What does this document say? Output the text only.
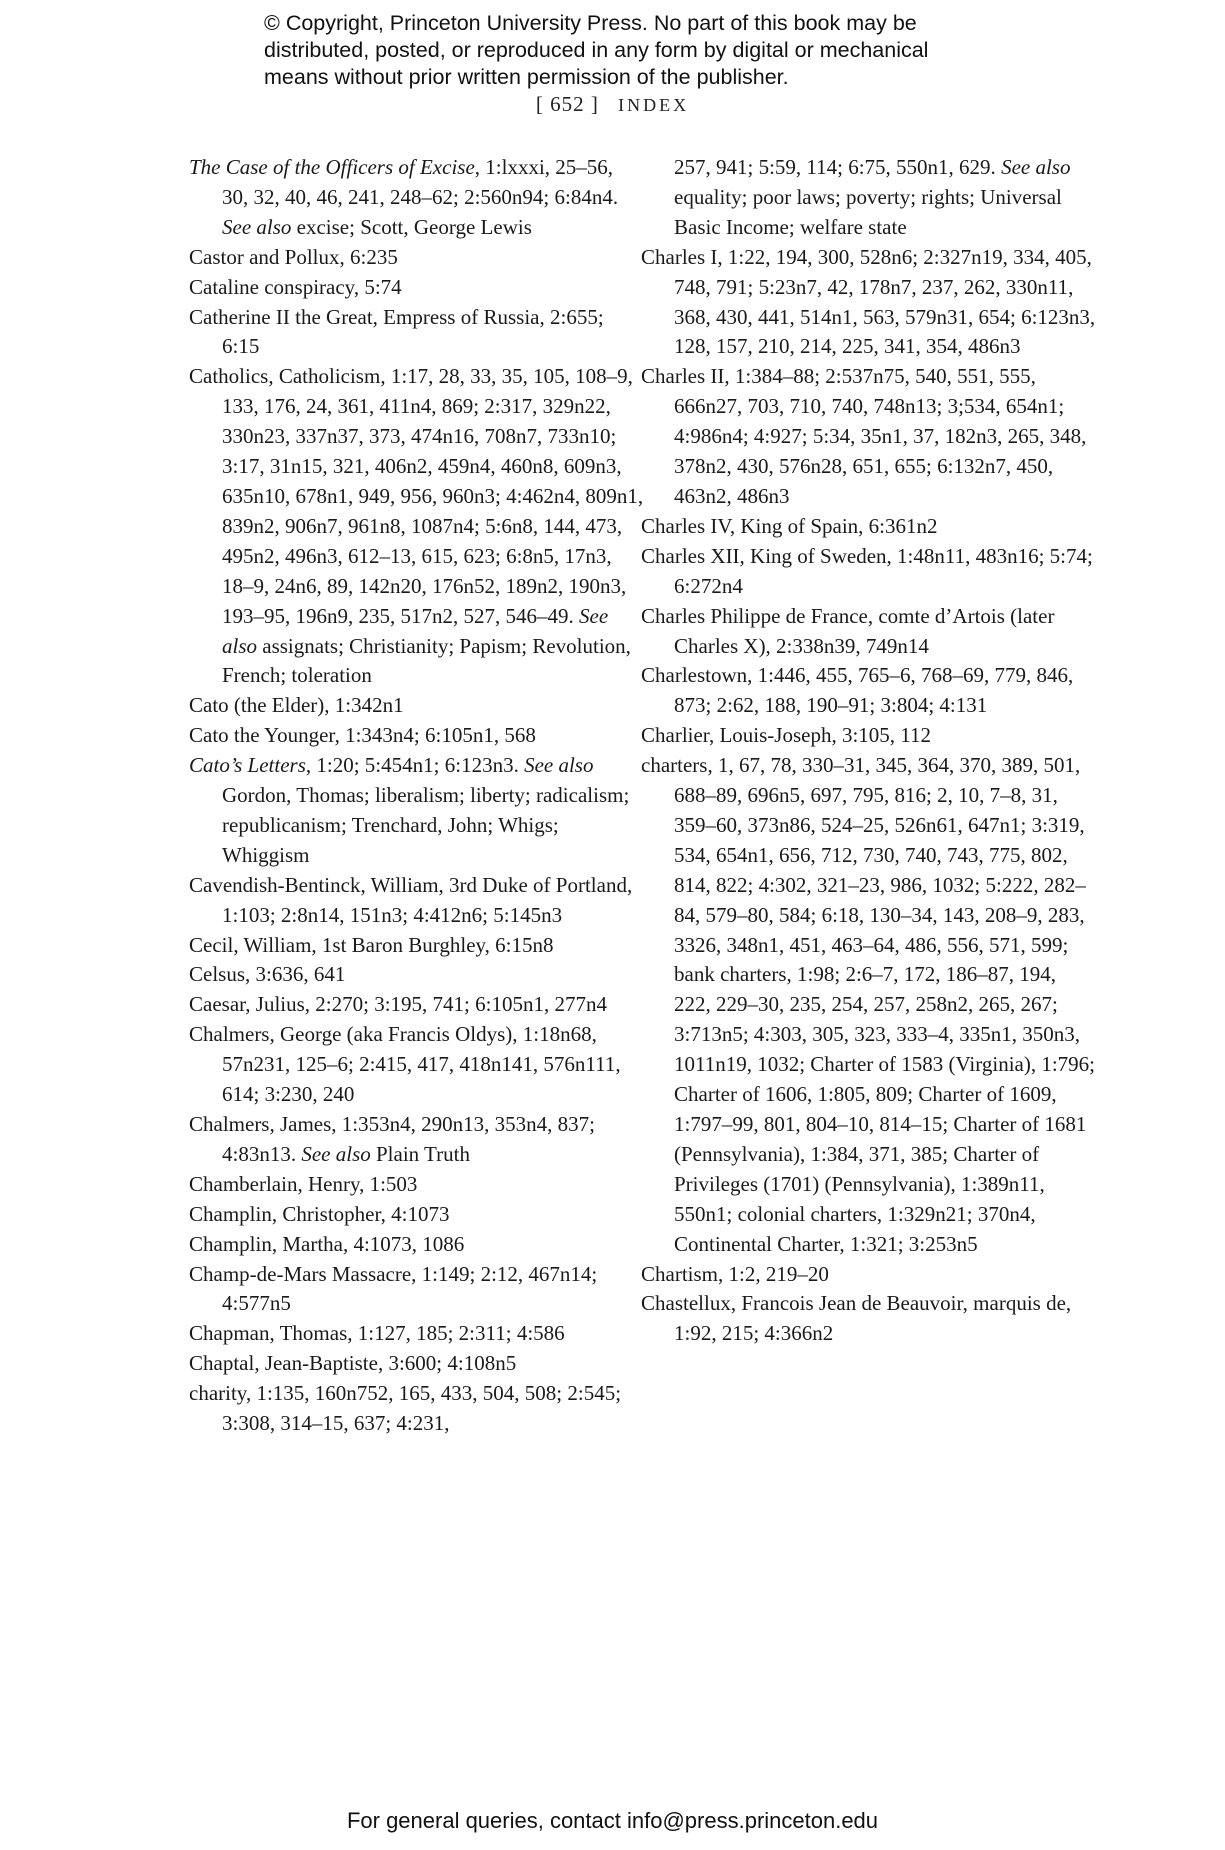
© Copyright, Princeton University Press. No part of this book may be
distributed, posted, or reproduced in any form by digital or mechanical
means without prior written permission of the publisher.
[ 652 ] INDEX
The Case of the Officers of Excise, 1:lxxxi, 25–56, 30, 32, 40, 46, 241, 248–62; 2:560n94; 6:84n4. See also excise; Scott, George Lewis
Castor and Pollux, 6:235
Cataline conspiracy, 5:74
Catherine II the Great, Empress of Russia, 2:655; 6:15
Catholics, Catholicism, 1:17, 28, 33, 35, 105, 108–9, 133, 176, 24, 361, 411n4, 869; 2:317, 329n22, 330n23, 337n37, 373, 474n16, 708n7, 733n10; 3:17, 31n15, 321, 406n2, 459n4, 460n8, 609n3, 635n10, 678n1, 949, 956, 960n3; 4:462n4, 809n1, 839n2, 906n7, 961n8, 1087n4; 5:6n8, 144, 473, 495n2, 496n3, 612–13, 615, 623; 6:8n5, 17n3, 18–9, 24n6, 89, 142n20, 176n52, 189n2, 190n3, 193–95, 196n9, 235, 517n2, 527, 546–49. See also assignats; Christianity; Papism; Revolution, French; toleration
Cato (the Elder), 1:342n1
Cato the Younger, 1:343n4; 6:105n1, 568
Cato’s Letters, 1:20; 5:454n1; 6:123n3. See also Gordon, Thomas; liberalism; liberty; radicalism; republicanism; Trenchard, John; Whigs; Whiggism
Cavendish-Bentinck, William, 3rd Duke of Portland, 1:103; 2:8n14, 151n3; 4:412n6; 5:145n3
Cecil, William, 1st Baron Burghley, 6:15n8
Celsus, 3:636, 641
Caesar, Julius, 2:270; 3:195, 741; 6:105n1, 277n4
Chalmers, George (aka Francis Oldys), 1:18n68, 57n231, 125–6; 2:415, 417, 418n141, 576n111, 614; 3:230, 240
Chalmers, James, 1:353n4, 290n13, 353n4, 837; 4:83n13. See also Plain Truth
Chamberlain, Henry, 1:503
Champlin, Christopher, 4:1073
Champlin, Martha, 4:1073, 1086
Champ-de-Mars Massacre, 1:149; 2:12, 467n14; 4:577n5
Chapman, Thomas, 1:127, 185; 2:311; 4:586
Chaptal, Jean-Baptiste, 3:600; 4:108n5
charity, 1:135, 160n752, 165, 433, 504, 508; 2:545; 3:308, 314–15, 637; 4:231,
257, 941; 5:59, 114; 6:75, 550n1, 629. See also equality; poor laws; poverty; rights; Universal Basic Income; welfare state
Charles I, 1:22, 194, 300, 528n6; 2:327n19, 334, 405, 748, 791; 5:23n7, 42, 178n7, 237, 262, 330n11, 368, 430, 441, 514n1, 563, 579n31, 654; 6:123n3, 128, 157, 210, 214, 225, 341, 354, 486n3
Charles II, 1:384–88; 2:537n75, 540, 551, 555, 666n27, 703, 710, 740, 748n13; 3;534, 654n1; 4:986n4; 4:927; 5:34, 35n1, 37, 182n3, 265, 348, 378n2, 430, 576n28, 651, 655; 6:132n7, 450, 463n2, 486n3
Charles IV, King of Spain, 6:361n2
Charles XII, King of Sweden, 1:48n11, 483n16; 5:74; 6:272n4
Charles Philippe de France, comte d’Artois (later Charles X), 2:338n39, 749n14
Charlestown, 1:446, 455, 765–6, 768–69, 779, 846, 873; 2:62, 188, 190–91; 3:804; 4:131
Charlier, Louis-Joseph, 3:105, 112
charters, 1, 67, 78, 330–31, 345, 364, 370, 389, 501, 688–89, 696n5, 697, 795, 816; 2, 10, 7–8, 31, 359–60, 373n86, 524–25, 526n61, 647n1; 3:319, 534, 654n1, 656, 712, 730, 740, 743, 775, 802, 814, 822; 4:302, 321–23, 986, 1032; 5:222, 282–84, 579–80, 584; 6:18, 130–34, 143, 208–9, 283, 3326, 348n1, 451, 463–64, 486, 556, 571, 599; bank charters, 1:98; 2:6–7, 172, 186–87, 194, 222, 229–30, 235, 254, 257, 258n2, 265, 267; 3:713n5; 4:303, 305, 323, 333–4, 335n1, 350n3, 1011n19, 1032; Charter of 1583 (Virginia), 1:796; Charter of 1606, 1:805, 809; Charter of 1609, 1:797–99, 801, 804–10, 814–15; Charter of 1681 (Pennsylvania), 1:384, 371, 385; Charter of Privileges (1701) (Pennsylvania), 1:389n11, 550n1; colonial charters, 1:329n21; 370n4, Continental Charter, 1:321; 3:253n5
Chartism, 1:2, 219–20
Chastellux, Francois Jean de Beauvoir, marquis de, 1:92, 215; 4:366n2
For general queries, contact info@press.princeton.edu
